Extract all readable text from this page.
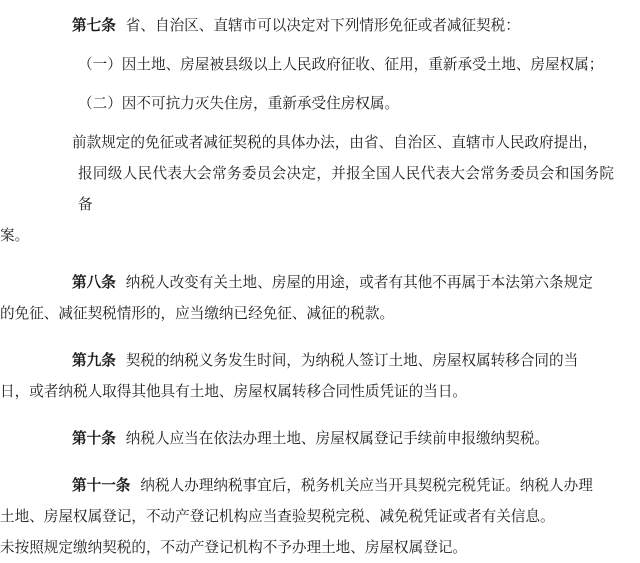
第七条 省、自治区、直辖市可以决定对下列情形免征或者减征契税：

（一）因土地、房屋被县级以上人民政府征收、征用，重新承受土地、房屋权属；

（二）因不可抗力灭失住房，重新承受住房权属。

前款规定的免征或者减征契税的具体办法，由省、自治区、直辖市人民政府提出，

报同级人民代表大会常务委员会决定，并报全国人民代表大会常务委员会和国务院备

案。

第八条 纳税人改变有关土地、房屋的用途，或者有其他不再属于本法第六条规定

的免征、减征契税情形的，应当缴纳已经免征、减征的税款。

第九条 契税的纳税义务发生时间，为纳税人签订土地、房屋权属转移合同的当

日，或者纳税人取得其他具有土地、房屋权属转移合同性质凭证的当日。

第十条 纳税人应当在依法办理土地、房屋权属登记手续前申报缴纳契税。

第十一条 纳税人办理纳税事宜后，税务机关应当开具契税完税凭证。纳税人办理

土地、房屋权属登记，不动产登记机构应当查验契税完税、减免税凭证或者有关信息。

未按照规定缴纳契税的，不动产登记机构不予办理土地、房屋权属登记。
